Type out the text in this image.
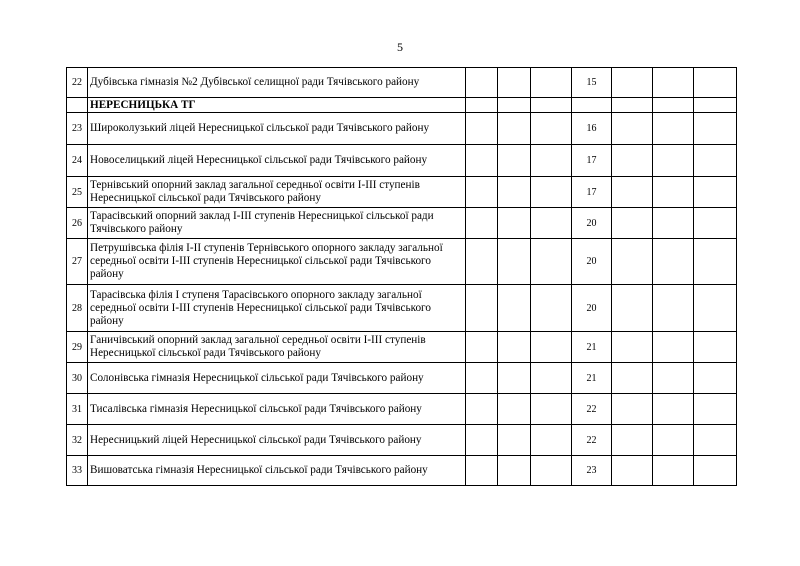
5
22	Дубівська гімназія №2 Дубівської селищної ради Тячівського району				15			
	НЕРЕСНИЦЬКА ТГ							
23	Широколузький ліцей Нересницької сільської ради Тячівського району				16			
24	Новоселицький ліцей Нересницької сільської ради Тячівського району				17			
25	Тернівський опорний заклад загальної середньої освіти І-ІІІ ступенів Нересницької сільської ради Тячівського району				17			
26	Тарасівський опорний заклад І-ІІІ ступенів Нересницької сільської ради Тячівського району				20			
27	Петрушівська філія І-ІІ ступенів Тернівського опорного закладу загальної середньої освіти І-ІІІ ступенів Нересницької сільської ради Тячівського району				20			
28	Тарасівська філія І ступеня Тарасівського опорного закладу загальної середньої освіти І-ІІІ ступенів Нересницької сільської ради Тячівського району				20			
29	Ганичівський опорний заклад загальної середньої освіти І-ІІІ ступенів Нересницької сільської ради Тячівського району				21			
30	Солонівська гімназія Нересницької сільської ради Тячівського району				21			
31	Тисалівська гімназія Нересницької сільської ради Тячівського району				22			
32	Нересницький ліцей Нересницької сільської ради Тячівського району				22			
33	Вишоватська гімназія Нересницької сільської ради Тячівського району				23			
